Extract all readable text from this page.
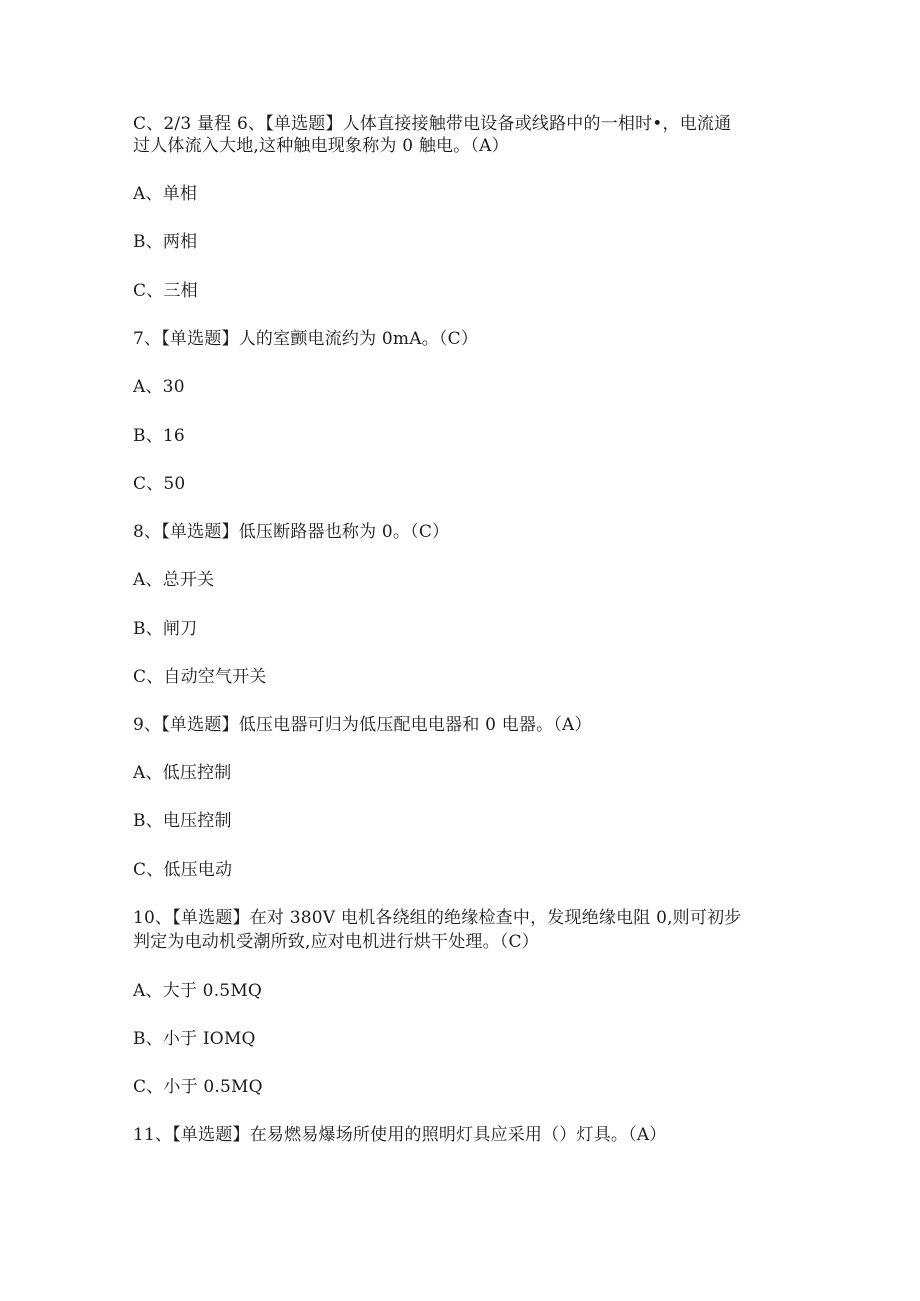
C、2/3 量程 6、【单选题】人体直接接触带电设备或线路中的一相时•，电流通
过人体流入大地,这种触电现象称为 0 触电。（A）
A、单相
B、两相
C、三相
7、【单选题】人的室颤电流约为 0mA。（C）
A、30
B、16
C、50
8、【单选题】低压断路器也称为 0。（C）
A、总开关
B、闸刀
C、自动空气开关
9、【单选题】低压电器可归为低压配电电器和 0 电器。（A）
A、低压控制
B、电压控制
C、低压电动
10、【单选题】在对 380V 电机各绕组的绝缘检查中，发现绝缘电阻 0,则可初步
判定为电动机受潮所致,应对电机进行烘干处理。（C）
A、大于 0.5MQ
B、小于 IOMQ
C、小于 0.5MQ
11、【单选题】在易燃易爆场所使用的照明灯具应采用（）灯具。（A）
